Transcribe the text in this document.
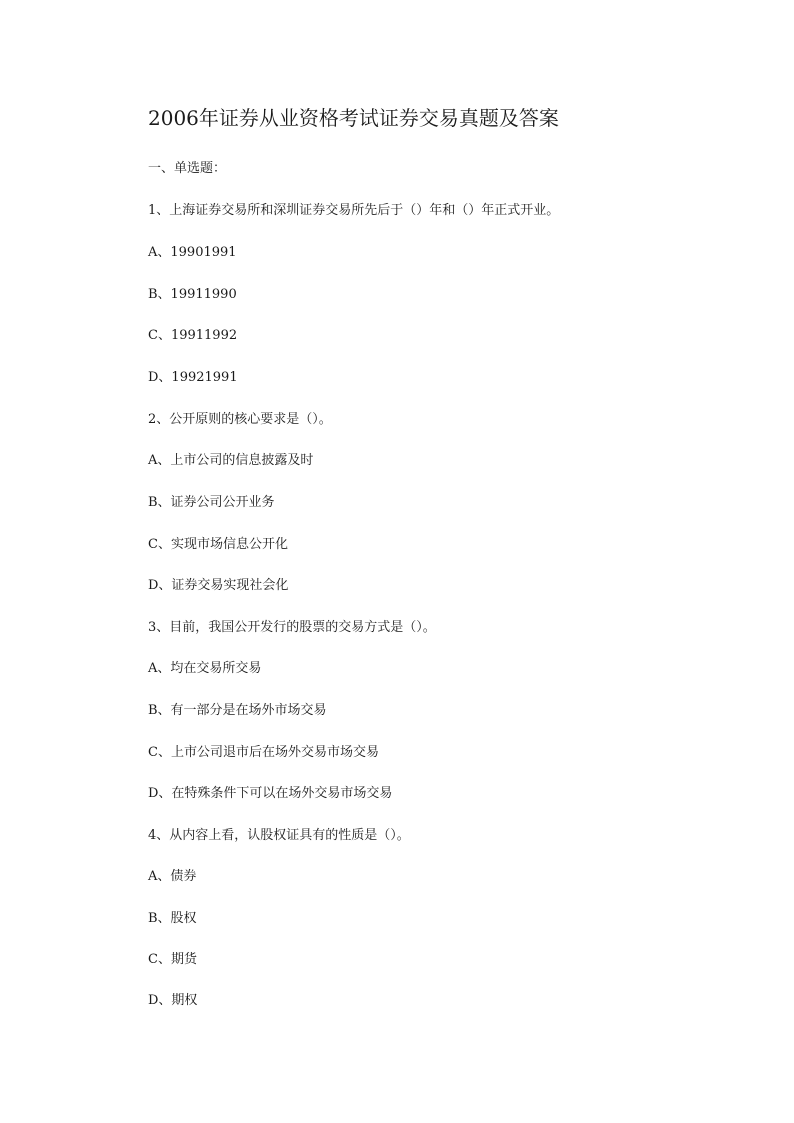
2006年证券从业资格考试证券交易真题及答案
一、单选题：
1、上海证券交易所和深圳证券交易所先后于（）年和（）年正式开业。
A、19901991
B、19911990
C、19911992
D、19921991
2、公开原则的核心要求是（）。
A、上市公司的信息披露及时
B、证券公司公开业务
C、实现市场信息公开化
D、证券交易实现社会化
3、目前，我国公开发行的股票的交易方式是（）。
A、均在交易所交易
B、有一部分是在场外市场交易
C、上市公司退市后在场外交易市场交易
D、在特殊条件下可以在场外交易市场交易
4、从内容上看，认股权证具有的性质是（）。
A、债券
B、股权
C、期货
D、期权
